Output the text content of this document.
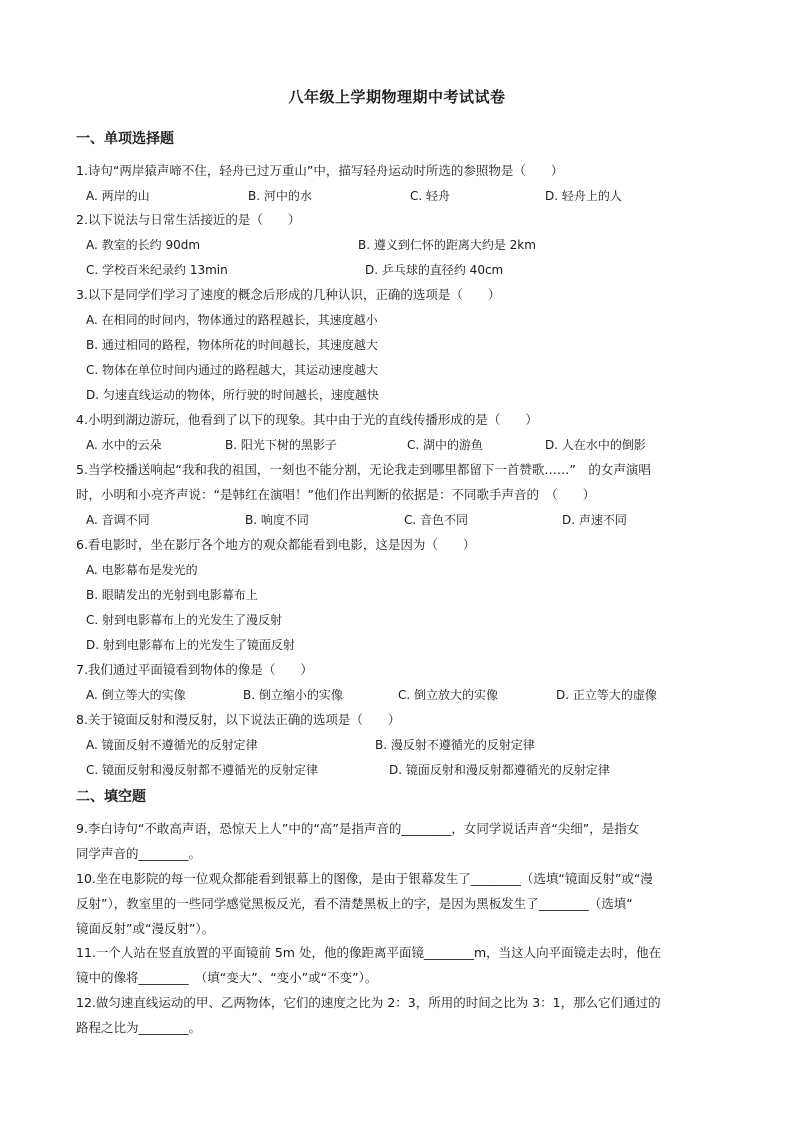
八年级上学期物理期中考试试卷
一、单项选择题
1.诗句“两岸猿声啼不住，轻舟已过万重山”中，描写轻舟运动时所选的参照物是（　　）
A. 两岸的山	B. 河中的水	C. 轻舟	D. 轻舟上的人
2.以下说法与日常生活接近的是（　　）
A. 教室的长约 90dm	B. 遵义到仁怀的距离大约是 2km
C. 学校百米纪录约 13min	D. 乒乓球的直径约 40cm
3.以下是同学们学习了速度的概念后形成的几种认识，正确的选项是（　　）
A. 在相同的时间内，物体通过的路程越长，其速度越小
B. 通过相同的路程，物体所花的时间越长，其速度越大
C. 物体在单位时间内通过的路程越大，其运动速度越大
D. 匀速直线运动的物体，所行驶的时间越长，速度越快
4.小明到湖边游玩，他看到了以下的现象。其中由于光的直线传播形成的是（　　）
A. 水中的云朵	B. 阳光下树的黑影子	C. 湖中的游鱼	D. 人在水中的倒影
5.当学校播送响起“我和我的祖国，一刻也不能分割，无论我走到哪里都留下一首赞歌……”　的女声演唱
时，小明和小亮齐声说：“是韩红在演唱！”他们作出判断的依据是：不同歌手声音的　（　　）
A. 音调不同	B. 响度不同	C. 音色不同	D. 声速不同
6.看电影时，坐在影厅各个地方的观众都能看到电影，这是因为（　　）
A. 电影幕布是发光的
B. 眼睛发出的光射到电影幕布上
C. 射到电影幕布上的光发生了漫反射
D. 射到电影幕布上的光发生了镜面反射
7.我们通过平面镜看到物体的像是（　　）
A. 倒立等大的实像	B. 倒立缩小的实像	C. 倒立放大的实像	D. 正立等大的虚像
8.关于镜面反射和漫反射，以下说法正确的选项是（　　）
A. 镜面反射不遵循光的反射定律	B. 漫反射不遵循光的反射定律
C. 镜面反射和漫反射都不遵循光的反射定律	D. 镜面反射和漫反射都遵循光的反射定律
二、填空题
9.李白诗句“不敢高声语，恐惊天上人”中的“高”是指声音的________，女同学说话声音“尖细”，是指女
同学声音的________。
10.坐在电影院的每一位观众都能看到银幕上的图像，是由于银幕发生了________（选填“镜面反射”或“漫
反射”），教室里的一些同学感觉黑板反光，看不清楚黑板上的字，是因为黑板发生了________（选填“
镜面反射”或“漫反射”）。
11.一个人站在竖直放置的平面镜前 5m 处，他的像距离平面镜________m，当这人向平面镜走去时，他在
镜中的像将________　（填“变大”、“变小”或“不变”）。
12.做匀速直线运动的甲、乙两物体，它们的速度之比为 2：3，所用的时间之比为 3：1，那么它们通过的
路程之比为________。
